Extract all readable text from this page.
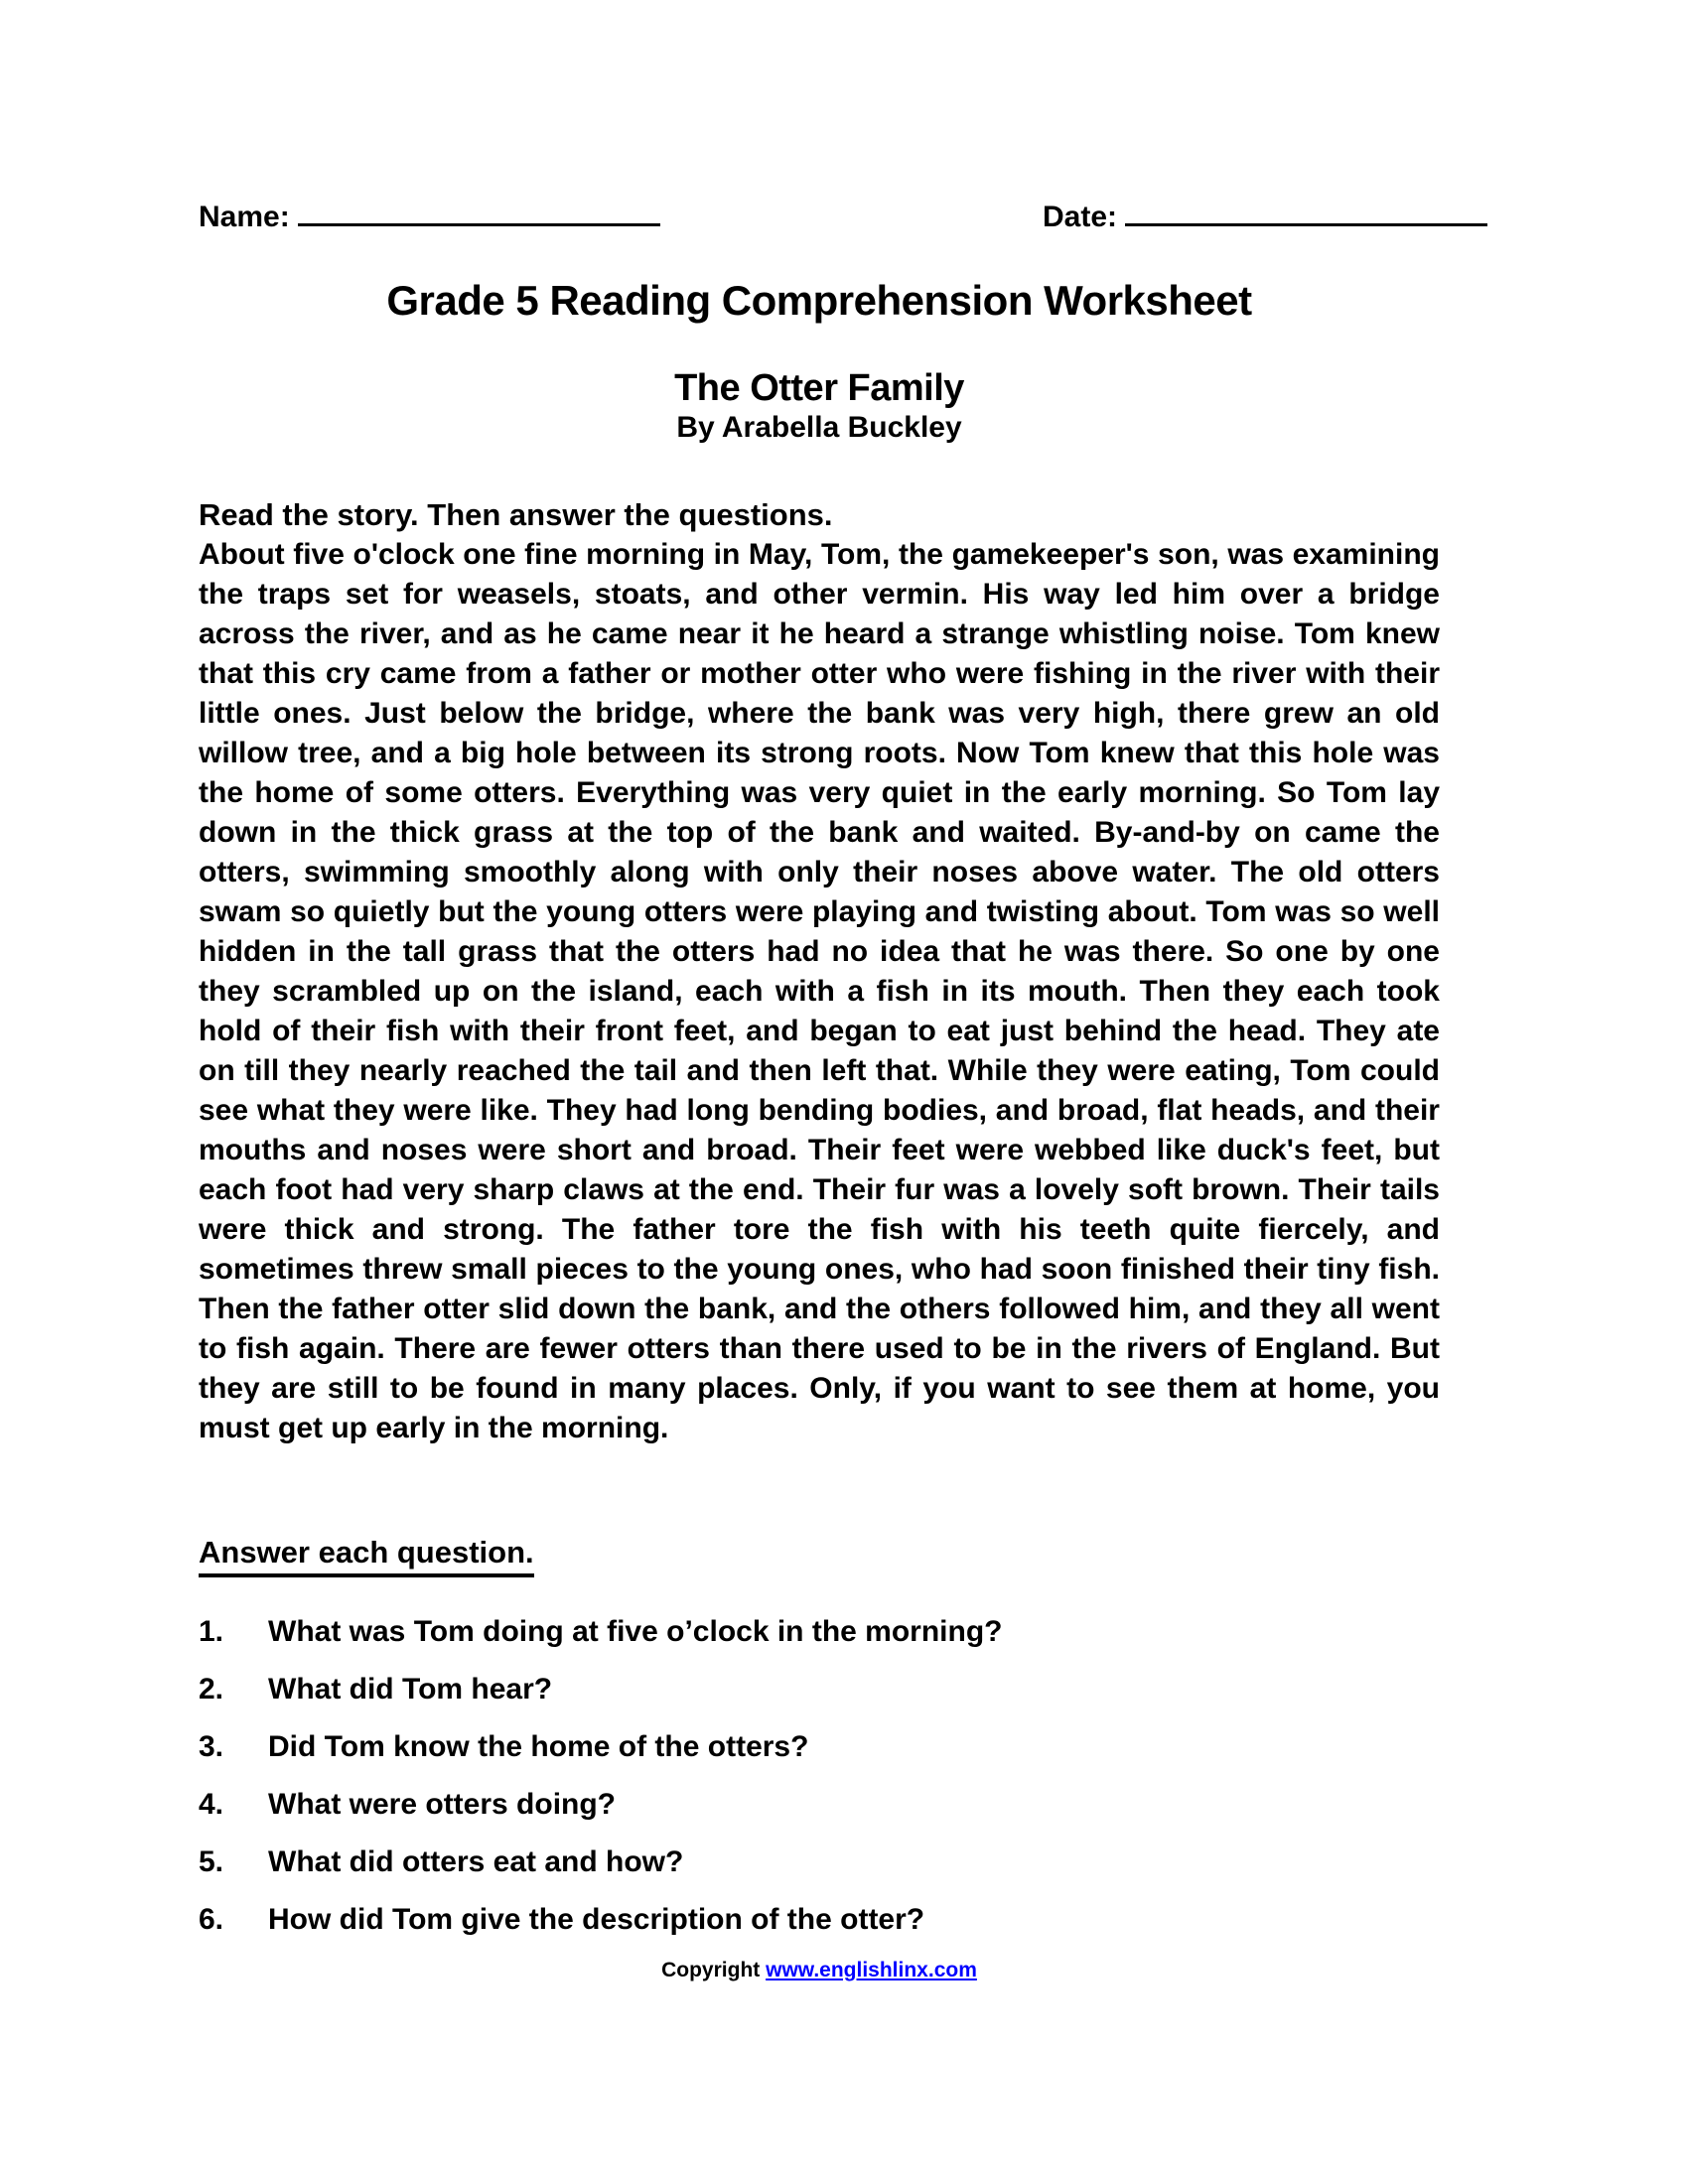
Name:	Date:
Grade 5 Reading Comprehension Worksheet
The Otter Family
By Arabella Buckley

Read the story. Then answer the questions.

About five o'clock one fine morning in May, Tom, the gamekeeper's son, was examining the traps set for weasels, stoats, and other vermin. His way led him over a bridge across the river, and as he came near it he heard a strange whistling noise. Tom knew that this cry came from a father or mother otter who were fishing in the river with their little ones. Just below the bridge, where the bank was very high, there grew an old willow tree, and a big hole between its strong roots. Now Tom knew that this hole was the home of some otters. Everything was very quiet in the early morning. So Tom lay down in the thick grass at the top of the bank and waited. By-and-by on came the otters, swimming smoothly along with only their noses above water. The old otters swam so quietly but the young otters were playing and twisting about. Tom was so well hidden in the tall grass that the otters had no idea that he was there. So one by one they scrambled up on the island, each with a fish in its mouth. Then they each took hold of their fish with their front feet, and began to eat just behind the head. They ate on till they nearly reached the tail and then left that. While they were eating, Tom could see what they were like. They had long bending bodies, and broad, flat heads, and their mouths and noses were short and broad. Their feet were webbed like duck's feet, but each foot had very sharp claws at the end. Their fur was a lovely soft brown. Their tails were thick and strong. The father tore the fish with his teeth quite fiercely, and sometimes threw small pieces to the young ones, who had soon finished their tiny fish. Then the father otter slid down the bank, and the others followed him, and they all went to fish again. There are fewer otters than there used to be in the rivers of England. But they are still to be found in many places. Only, if you want to see them at home, you must get up early in the morning.

Answer each question.

1.	What was Tom doing at five o’clock in the morning?
2.	What did Tom hear?
3.	Did Tom know the home of the otters?
4.	What were otters doing?
5.	What did otters eat and how?
6.	How did Tom give the description of the otter?
Copyright www.englishlinx.com
